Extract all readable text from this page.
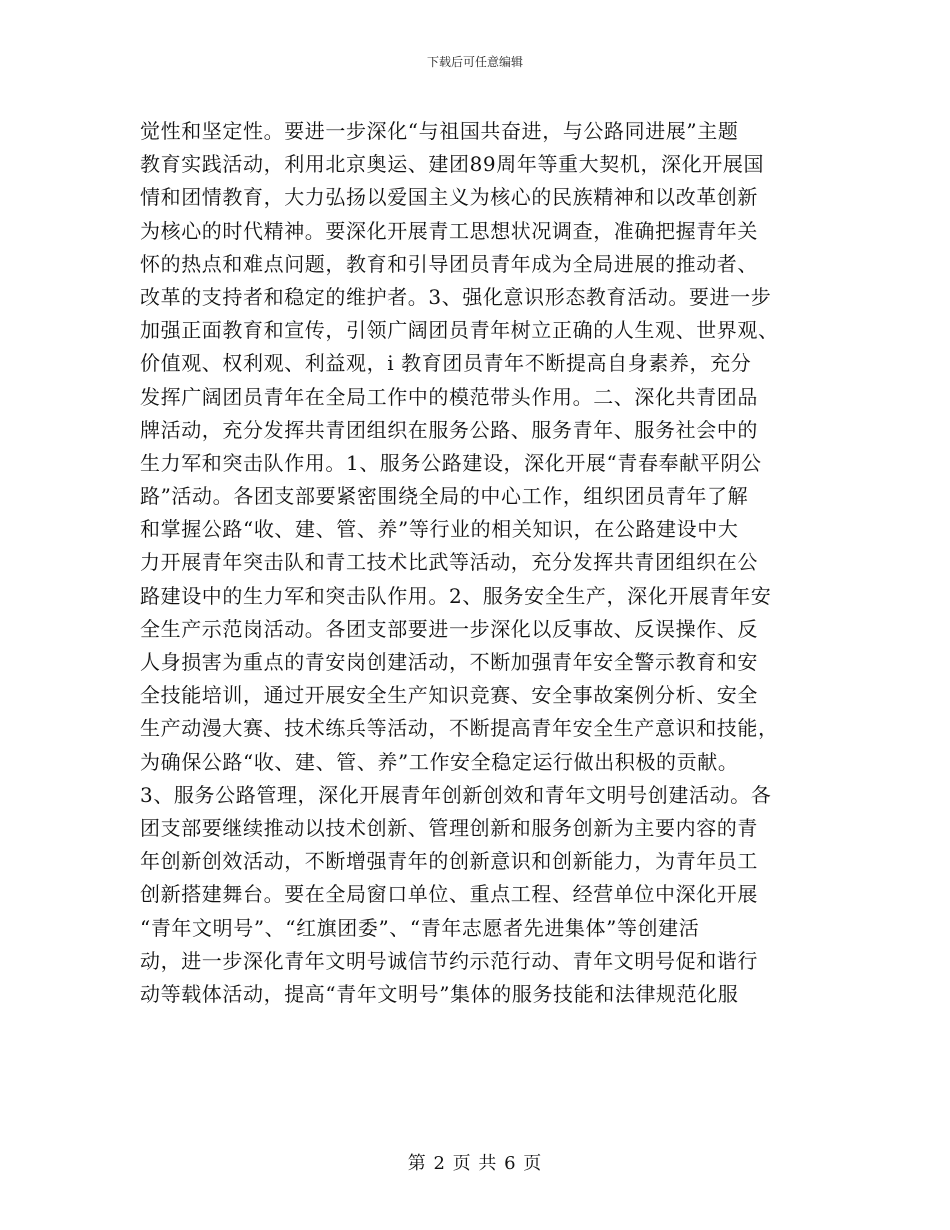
下载后可任意编辑
觉性和坚定性。要进一步深化“与祖国共奋进，与公路同进展”主题
教育实践活动，利用北京奥运、建团89周年等重大契机，深化开展国
情和团情教育，大力弘扬以爱国主义为核心的民族精神和以改革创新
为核心的时代精神。要深化开展青工思想状况调查，准确把握青年关
怀的热点和难点问题，教育和引导团员青年成为全局进展的推动者、
改革的支持者和稳定的维护者。3、强化意识形态教育活动。要进一步
加强正面教育和宣传，引领广阔团员青年树立正确的人生观、世界观、
价值观、权利观、利益观，i 教育团员青年不断提高自身素养，充分
发挥广阔团员青年在全局工作中的模范带头作用。二、深化共青团品
牌活动，充分发挥共青团组织在服务公路、服务青年、服务社会中的
生力军和突击队作用。1、服务公路建设，深化开展“青春奉献平阴公
路”活动。各团支部要紧密围绕全局的中心工作，组织团员青年了解
和掌握公路“收、建、管、养”等行业的相关知识，在公路建设中大
力开展青年突击队和青工技术比武等活动，充分发挥共青团组织在公
路建设中的生力军和突击队作用。2、服务安全生产，深化开展青年安
全生产示范岗活动。各团支部要进一步深化以反事故、反误操作、反
人身损害为重点的青安岗创建活动，不断加强青年安全警示教育和安
全技能培训，通过开展安全生产知识竞赛、安全事故案例分析、安全
生产动漫大赛、技术练兵等活动，不断提高青年安全生产意识和技能，
为确保公路“收、建、管、养”工作安全稳定运行做出积极的贡献。
3、服务公路管理，深化开展青年创新创效和青年文明号创建活动。各
团支部要继续推动以技术创新、管理创新和服务创新为主要内容的青
年创新创效活动，不断增强青年的创新意识和创新能力，为青年员工
创新搭建舞台。要在全局窗口单位、重点工程、经营单位中深化开展
“青年文明号”、“红旗团委”、“青年志愿者先进集体”等创建活
动，进一步深化青年文明号诚信节约示范行动、青年文明号促和谐行
动等载体活动，提高“青年文明号”集体的服务技能和法律规范化服
第 2 页 共 6 页
